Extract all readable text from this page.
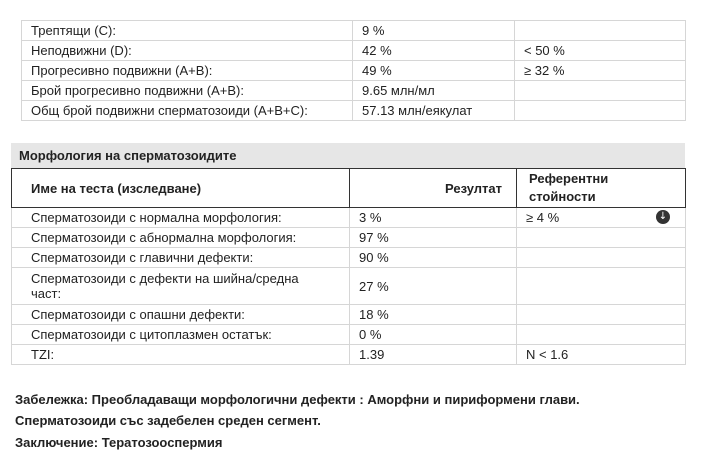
Трептящи (C):	9 %	
Неподвижни (D):	42 %	< 50 %
Прогресивно подвижни (A+B):	49 %	≥ 32 %
Брой прогресивно подвижни (A+B):	9.65 млн/мл	
Общ брой подвижни сперматозоиди (A+B+C):	57.13 млн/еякулат	
Морфология на сперматозоидите
Име на теста (изследване)	Резултат	Референтни
стойности
Сперматозоиди с нормална морфология:	3 %	≥ 4 % ↓

Сперматозоиди с абнормална морфология:	97 %	
Сперматозоиди с главични дефекти:	90 %	
Сперматозоиди с дефекти на шийна/средна
част:	27 %	
Сперматозоиди с опашни дефекти:	18 %	
Сперматозоиди с цитоплазмен остатък:	0 %	
TZI:	1.39	N < 1.6
Забележка: Преобладаващи морфологични дефекти : Аморфни и пириформени глави.
Сперматозоиди със задебелен среден сегмент.
Заключение: Тератозооспермия
